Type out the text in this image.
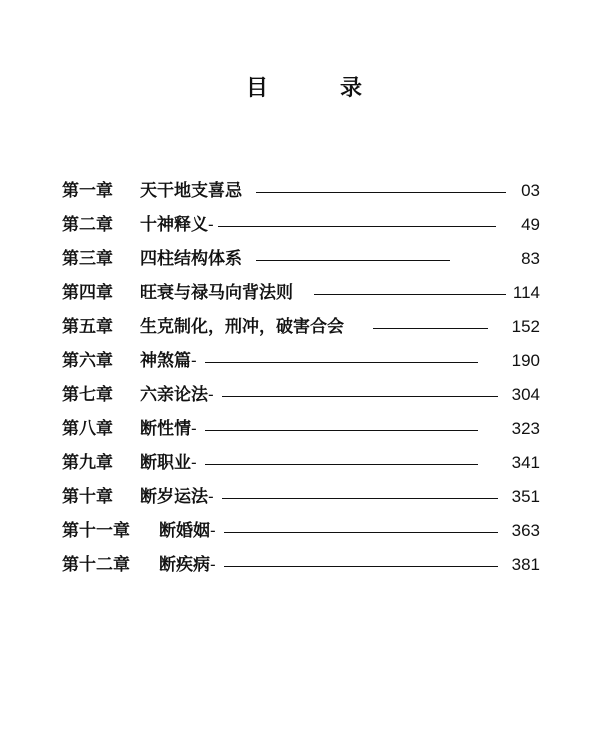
目	录
第一章 天干地支喜忌	03
第二章 十神释义-	49
第三章 四柱结构体系	83
第四章 旺衰与禄马向背法则	114
第五章 生克制化，刑冲，破害合会	152
第六章 神煞篇-	190
第七章 六亲论法-	304
第八章 断性情-	323
第九章 断职业-	341
第十章 断岁运法-	351
第十一章 断婚姻-	363
第十二章 断疾病-	381
